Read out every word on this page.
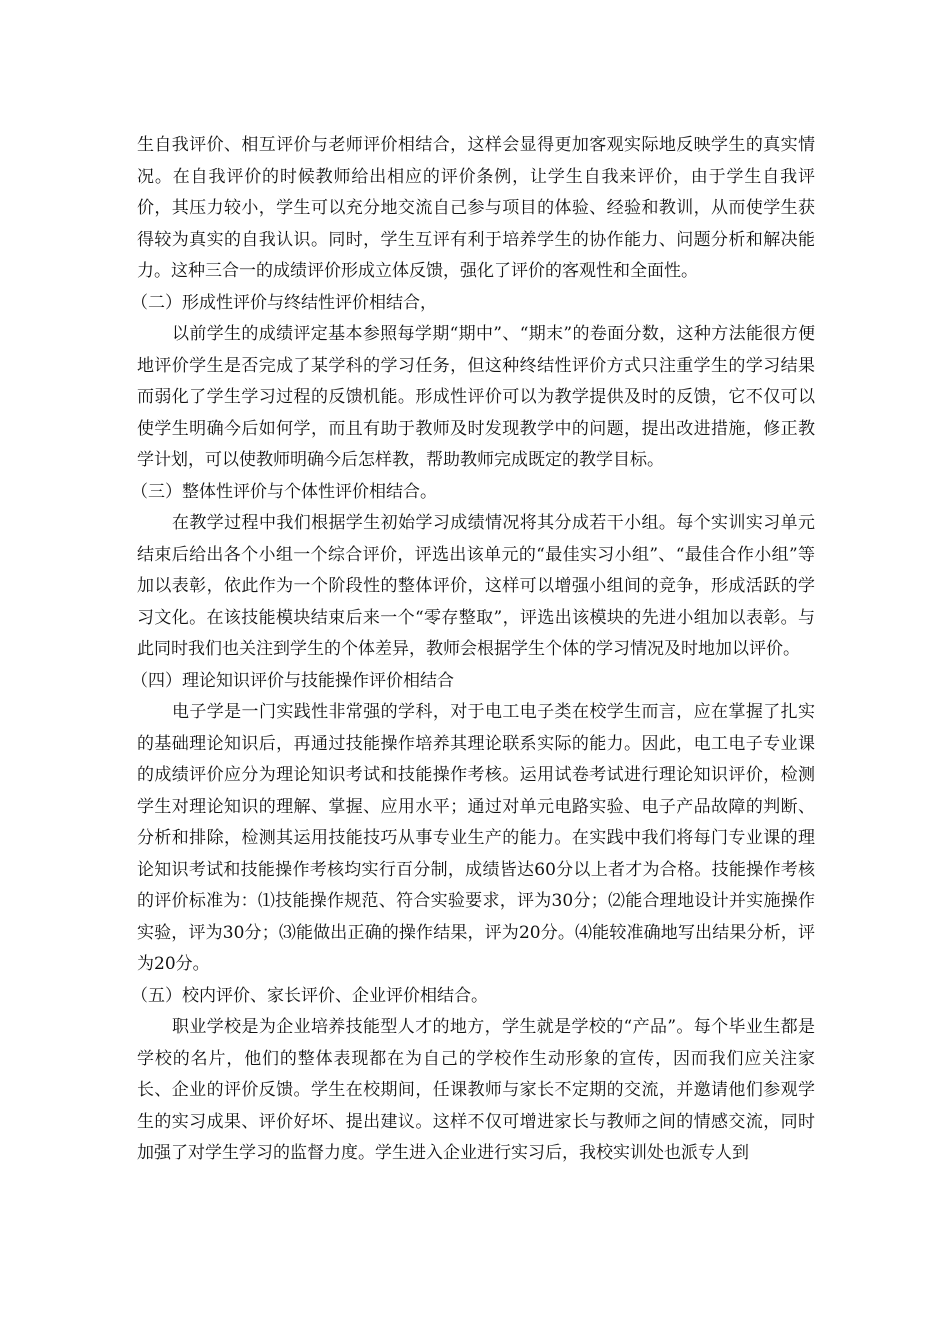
生自我评价、相互评价与老师评价相结合，这样会显得更加客观实际地反映学生的真实情况。在自我评价的时候教师给出相应的评价条例，让学生自我来评价，由于学生自我评价，其压力较小，学生可以充分地交流自己参与项目的体验、经验和教训，从而使学生获得较为真实的自我认识。同时，学生互评有利于培养学生的协作能力、问题分析和解决能力。这种三合一的成绩评价形成立体反馈，强化了评价的客观性和全面性。

（二）形成性评价与终结性评价相结合，

以前学生的成绩评定基本参照每学期“期中”、“期末”的卷面分数，这种方法能很方便地评价学生是否完成了某学科的学习任务，但这种终结性评价方式只注重学生的学习结果而弱化了学生学习过程的反馈机能。形成性评价可以为教学提供及时的反馈，它不仅可以使学生明确今后如何学，而且有助于教师及时发现教学中的问题，提出改进措施，修正教学计划，可以使教师明确今后怎样教，帮助教师完成既定的教学目标。

（三）整体性评价与个体性评价相结合。

在教学过程中我们根据学生初始学习成绩情况将其分成若干小组。每个实训实习单元结束后给出各个小组一个综合评价，评选出该单元的“最佳实习小组”、“最佳合作小组”等加以表彰，依此作为一个阶段性的整体评价，这样可以增强小组间的竞争，形成活跃的学习文化。在该技能模块结束后来一个“零存整取”，评选出该模块的先进小组加以表彰。与此同时我们也关注到学生的个体差异，教师会根据学生个体的学习情况及时地加以评价。

（四）理论知识评价与技能操作评价相结合

电子学是一门实践性非常强的学科，对于电工电子类在校学生而言，应在掌握了扎实的基础理论知识后，再通过技能操作培养其理论联系实际的能力。因此，电工电子专业课的成绩评价应分为理论知识考试和技能操作考核。运用试卷考试进行理论知识评价，检测学生对理论知识的理解、掌握、应用水平；通过对单元电路实验、电子产品故障的判断、分析和排除，检测其运用技能技巧从事专业生产的能力。在实践中我们将每门专业课的理论知识考试和技能操作考核均实行百分制，成绩皆达60分以上者才为合格。技能操作考核的评价标准为：⑴技能操作规范、符合实验要求，评为30分；⑵能合理地设计并实施操作实验，评为30分；⑶能做出正确的操作结果，评为20分。⑷能较准确地写出结果分析，评为20分。

（五）校内评价、家长评价、企业评价相结合。

职业学校是为企业培养技能型人才的地方，学生就是学校的“产品”。每个毕业生都是学校的名片，他们的整体表现都在为自己的学校作生动形象的宣传，因而我们应关注家长、企业的评价反馈。学生在校期间，任课教师与家长不定期的交流，并邀请他们参观学生的实习成果、评价好坏、提出建议。这样不仅可增进家长与教师之间的情感交流，同时加强了对学生学习的监督力度。学生进入企业进行实习后，我校实训处也派专人到
